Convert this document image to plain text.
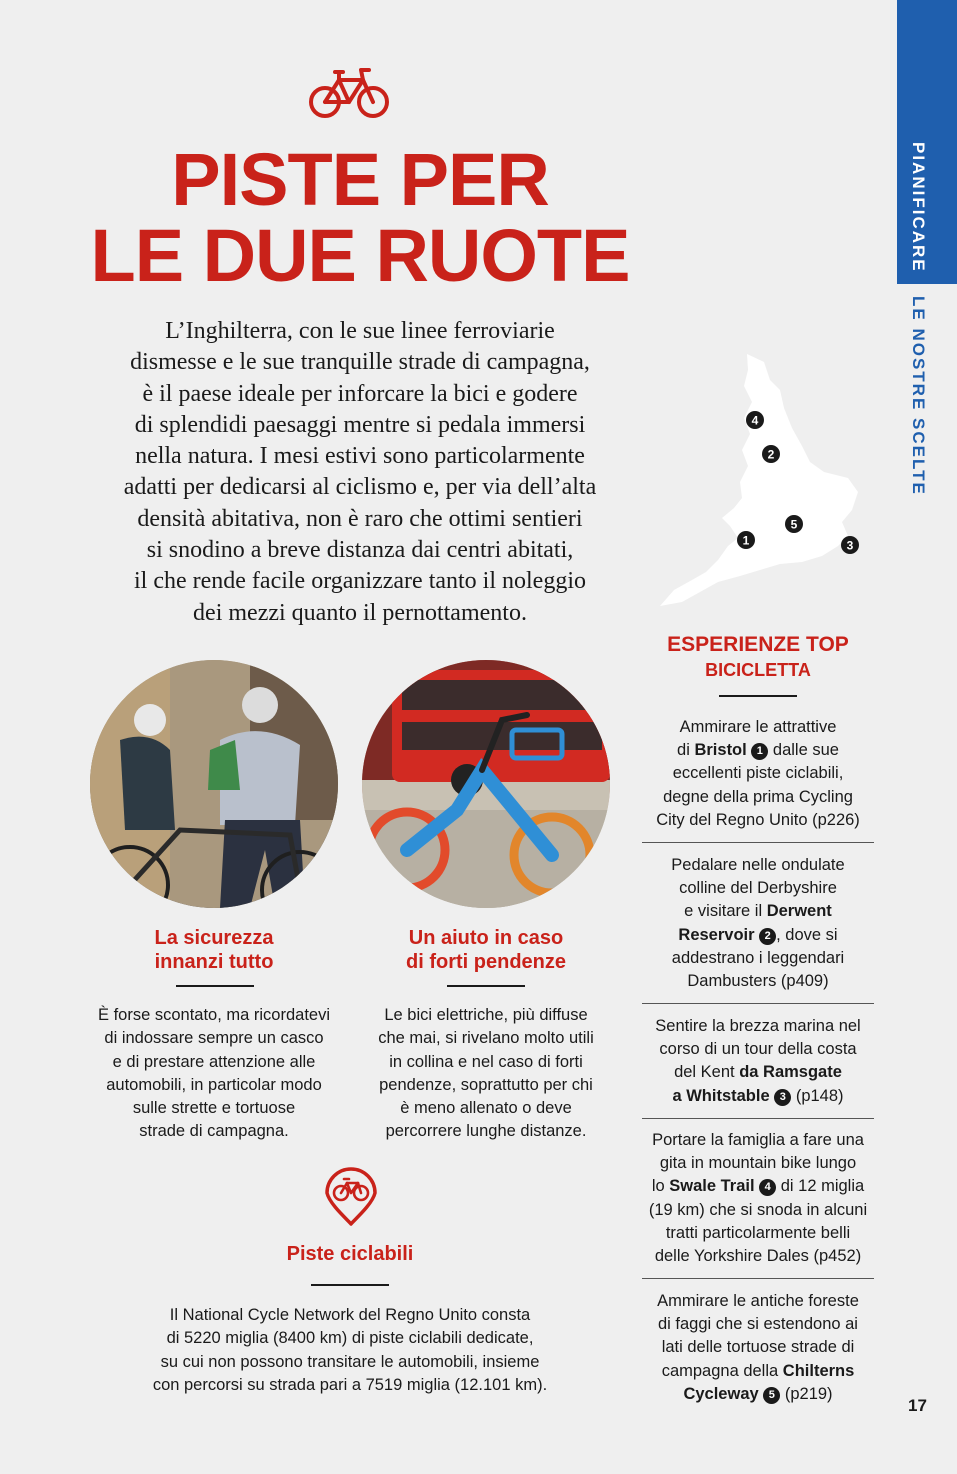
PIANIFICARE
LE NOSTRE SCELTE
PISTE PER
LE DUE RUOTE
L’Inghilterra, con le sue linee ferroviarie
dismesse e le sue tranquille strade di campagna,
è il paese ideale per inforcare la bici e godere
di splendidi paesaggi mentre si pedala immersi
nella natura. I mesi estivi sono particolarmente
adatti per dedicarsi al ciclismo e, per via dell’alta
densità abitativa, non è raro che ottimi sentieri
si snodino a breve distanza dai centri abitati,
il che rende facile organizzare tanto il noleggio
dei mezzi quanto il pernottamento.
La sicurezza
innanzi tutto
È forse scontato, ma ricordatevi
di indossare sempre un casco
e di prestare attenzione alle
automobili, in particolar modo
sulle strette e tortuose
strade di campagna.
Un aiuto in caso
di forti pendenze
Le bici elettriche, più diffuse
che mai, si rivelano molto utili
in collina e nel caso di forti
pendenze, soprattutto per chi
è meno allenato o deve
percorrere lunghe distanze.
Piste ciclabili
Il National Cycle Network del Regno Unito consta
di 5220 miglia (8400 km) di piste ciclabili dedicate,
su cui non possono transitare le automobili, insieme
con percorsi su strada pari a 7519 miglia (12.101 km).
4
2
5
1	3
ESPERIENZE TOP
BICICLETTA
Ammirare le attrattive
di Bristol 1 dalle sue
eccellenti piste ciclabili,
degne della prima Cycling
City del Regno Unito (p226)
Pedalare nelle ondulate
colline del Derbyshire
e visitare il Derwent
Reservoir 2 , dove si
addestrano i leggendari
Dambusters (p409)
Sentire la brezza marina nel
corso di un tour della costa
del Kent da Ramsgate
a Whitstable 3 (p148)
Portare la famiglia a fare una
gita in mountain bike lungo
lo Swale Trail 4 di 12 miglia
(19 km) che si snoda in alcuni
tratti particolarmente belli
delle Yorkshire Dales (p452)
Ammirare le antiche foreste
di faggi che si estendono ai
lati delle tortuose strade di
campagna della Chilterns
Cycleway 5 (p219)
17
